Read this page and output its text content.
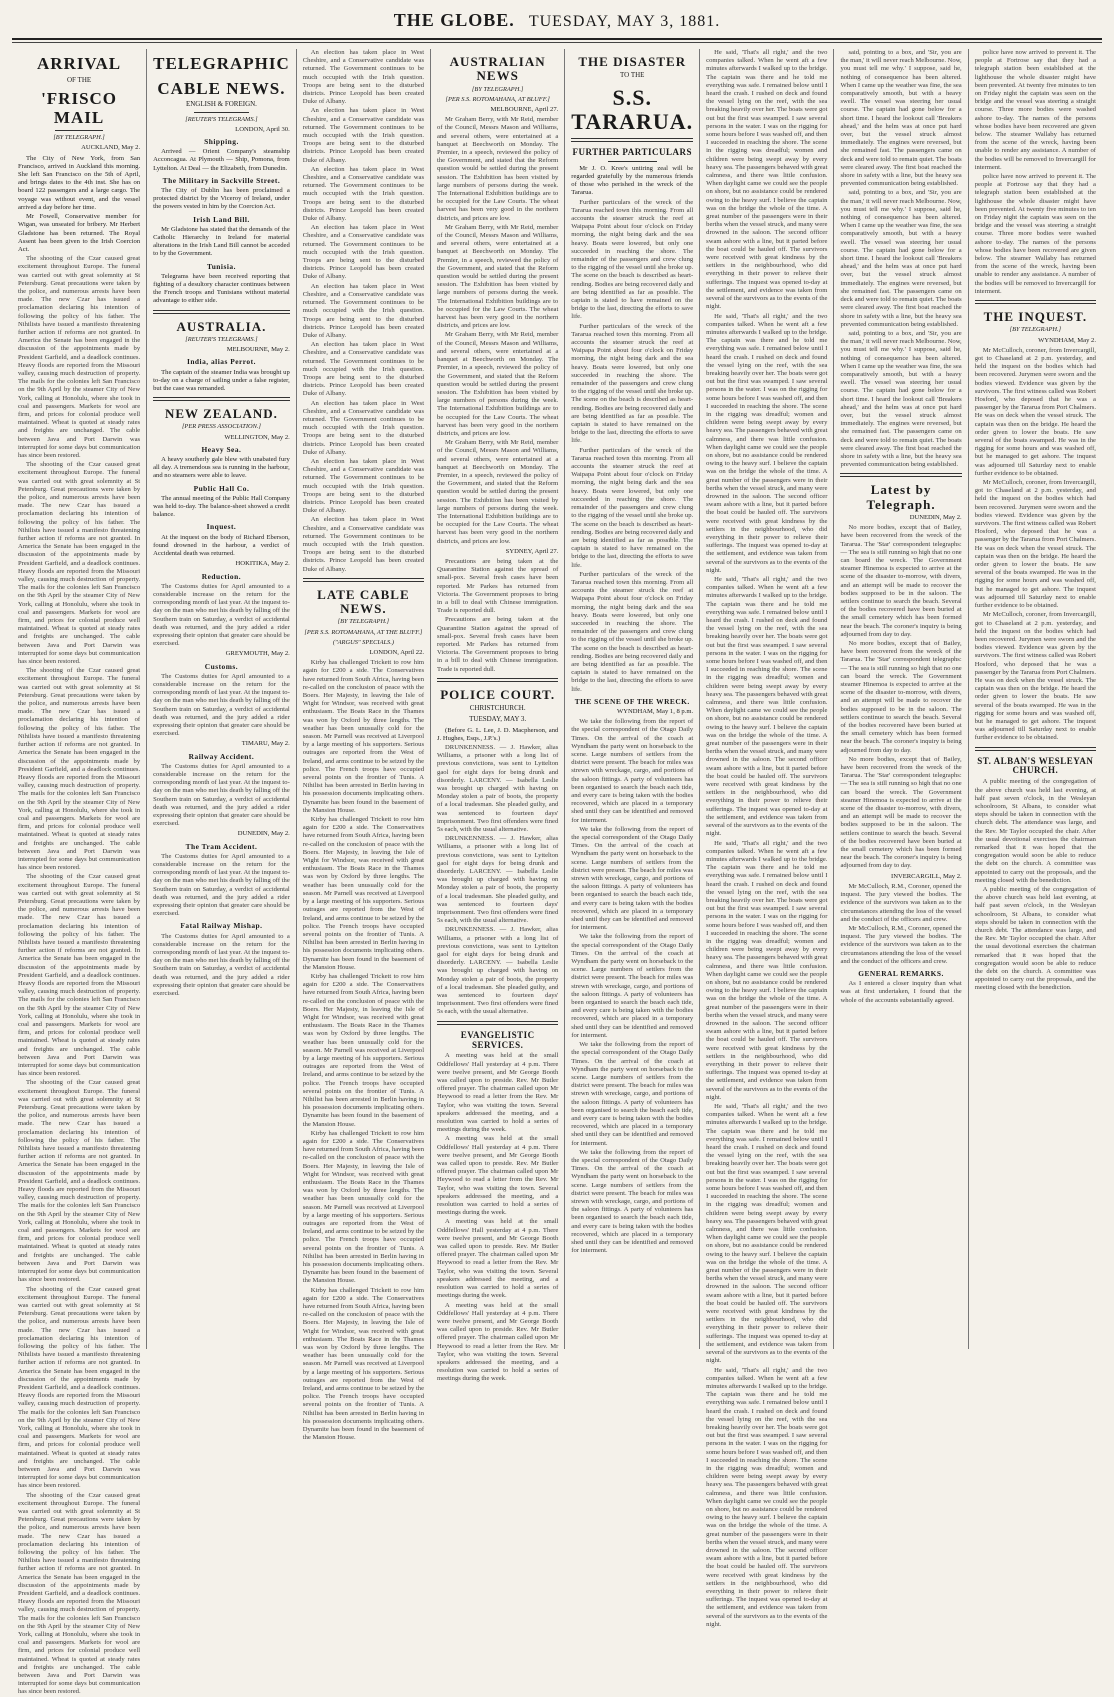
THE GLOBE. TUESDAY, MAY 3, 1881.
ARRIVAL
OF THE
'FRISCO MAIL
[BY TELEGRAPH.]
AUCKLAND, May 2.

The City of New York, from San Francisco, arrived in Auckland this morning. She left San Francisco on the 5th of April, and brings dates to the 4th inst. She has on board 122 passengers and a large cargo. The voyage was without event, and the vessel arrived a day before her time.

Mr Fowell, Conservative member for Wigan, was unseated for bribery. Mr Herbert Gladstone has been returned. The Royal Assent has been given to the Irish Coercion Act.

The shooting of the Czar caused great excitement throughout Europe. The funeral was carried out with great solemnity at St Petersburg. Great precautions were taken by the police, and numerous arrests have been made. The new Czar has issued a proclamation declaring his intention of following the policy of his father. The Nihilists have issued a manifesto threatening further action if reforms are not granted. In America the Senate has been engaged in the discussion of the appointments made by President Garfield, and a deadlock continues. Heavy floods are reported from the Missouri valley, causing much destruction of property. The mails for the colonies left San Francisco on the 9th April by the steamer City of New York, calling at Honolulu, where she took in coal and passengers. Markets for wool are firm, and prices for colonial produce well maintained. Wheat is quoted at steady rates and freights are unchanged. The cable between Java and Port Darwin was interrupted for some days but communication has since been restored.

The shooting of the Czar caused great excitement throughout Europe. The funeral was carried out with great solemnity at St Petersburg. Great precautions were taken by the police, and numerous arrests have been made. The new Czar has issued a proclamation declaring his intention of following the policy of his father. The Nihilists have issued a manifesto threatening further action if reforms are not granted. In America the Senate has been engaged in the discussion of the appointments made by President Garfield, and a deadlock continues. Heavy floods are reported from the Missouri valley, causing much destruction of property. The mails for the colonies left San Francisco on the 9th April by the steamer City of New York, calling at Honolulu, where she took in coal and passengers. Markets for wool are firm, and prices for colonial produce well maintained. Wheat is quoted at steady rates and freights are unchanged. The cable between Java and Port Darwin was interrupted for some days but communication has since been restored.

The shooting of the Czar caused great excitement throughout Europe. The funeral was carried out with great solemnity at St Petersburg. Great precautions were taken by the police, and numerous arrests have been made. The new Czar has issued a proclamation declaring his intention of following the policy of his father. The Nihilists have issued a manifesto threatening further action if reforms are not granted. In America the Senate has been engaged in the discussion of the appointments made by President Garfield, and a deadlock continues. Heavy floods are reported from the Missouri valley, causing much destruction of property. The mails for the colonies left San Francisco on the 9th April by the steamer City of New York, calling at Honolulu, where she took in coal and passengers. Markets for wool are firm, and prices for colonial produce well maintained. Wheat is quoted at steady rates and freights are unchanged. The cable between Java and Port Darwin was interrupted for some days but communication has since been restored.

The shooting of the Czar caused great excitement throughout Europe. The funeral was carried out with great solemnity at St Petersburg. Great precautions were taken by the police, and numerous arrests have been made. The new Czar has issued a proclamation declaring his intention of following the policy of his father. The Nihilists have issued a manifesto threatening further action if reforms are not granted. In America the Senate has been engaged in the discussion of the appointments made by President Garfield, and a deadlock continues. Heavy floods are reported from the Missouri valley, causing much destruction of property. The mails for the colonies left San Francisco on the 9th April by the steamer City of New York, calling at Honolulu, where she took in coal and passengers. Markets for wool are firm, and prices for colonial produce well maintained. Wheat is quoted at steady rates and freights are unchanged. The cable between Java and Port Darwin was interrupted for some days but communication has since been restored.

The shooting of the Czar caused great excitement throughout Europe. The funeral was carried out with great solemnity at St Petersburg. Great precautions were taken by the police, and numerous arrests have been made. The new Czar has issued a proclamation declaring his intention of following the policy of his father. The Nihilists have issued a manifesto threatening further action if reforms are not granted. In America the Senate has been engaged in the discussion of the appointments made by President Garfield, and a deadlock continues. Heavy floods are reported from the Missouri valley, causing much destruction of property. The mails for the colonies left San Francisco on the 9th April by the steamer City of New York, calling at Honolulu, where she took in coal and passengers. Markets for wool are firm, and prices for colonial produce well maintained. Wheat is quoted at steady rates and freights are unchanged. The cable between Java and Port Darwin was interrupted for some days but communication has since been restored.

The shooting of the Czar caused great excitement throughout Europe. The funeral was carried out with great solemnity at St Petersburg. Great precautions were taken by the police, and numerous arrests have been made. The new Czar has issued a proclamation declaring his intention of following the policy of his father. The Nihilists have issued a manifesto threatening further action if reforms are not granted. In America the Senate has been engaged in the discussion of the appointments made by President Garfield, and a deadlock continues. Heavy floods are reported from the Missouri valley, causing much destruction of property. The mails for the colonies left San Francisco on the 9th April by the steamer City of New York, calling at Honolulu, where she took in coal and passengers. Markets for wool are firm, and prices for colonial produce well maintained. Wheat is quoted at steady rates and freights are unchanged. The cable between Java and Port Darwin was interrupted for some days but communication has since been restored.

The shooting of the Czar caused great excitement throughout Europe. The funeral was carried out with great solemnity at St Petersburg. Great precautions were taken by the police, and numerous arrests have been made. The new Czar has issued a proclamation declaring his intention of following the policy of his father. The Nihilists have issued a manifesto threatening further action if reforms are not granted. In America the Senate has been engaged in the discussion of the appointments made by President Garfield, and a deadlock continues. Heavy floods are reported from the Missouri valley, causing much destruction of property. The mails for the colonies left San Francisco on the 9th April by the steamer City of New York, calling at Honolulu, where she took in coal and passengers. Markets for wool are firm, and prices for colonial produce well maintained. Wheat is quoted at steady rates and freights are unchanged. The cable between Java and Port Darwin was interrupted for some days but communication has since been restored.

TELEGRAPHIC
CABLE NEWS.
ENGLISH & FOREIGN.
[REUTER'S TELEGRAMS.]
LONDON, April 30.
Shipping.

Arrived — Orient Company's steamship Acconcagua. At Plymouth — Ship, Pomona, from Lyttelton. At Deal — the Elizabeth, from Dunedin.

The Military in Sackville Street.

The City of Dublin has been proclaimed a protected district by the Viceroy of Ireland, under the powers vested in him by the Coercion Act.

Irish Land Bill.

Mr Gladstone has stated that the demands of the Catholic Hierarchy in Ireland for material alterations in the Irish Land Bill cannot be acceded to by the Government.

Tunisia.

Telegrams have been received reporting that fighting of a desultory character continues between the French troops and Tunisians without material advantage to either side.

AUSTRALIA.
[REUTER'S TELEGRAMS.]
MELBOURNE, May 2.
India, alias Perrot.

The captain of the steamer India was brought up to-day on a charge of sailing under a false register, but the case was remanded.

NEW ZEALAND.
[PER PRESS ASSOCIATION.]
WELLINGTON, May 2.
Heavy Sea.

A heavy southerly gale blew with unabated fury all day. A tremendous sea is running in the harbour, and no steamers were able to leave.

Public Hall Co.

The annual meeting of the Public Hall Company was held to-day. The balance-sheet showed a credit balance.

Inquest.

At the inquest on the body of Richard Eberson, found drowned in the harbour, a verdict of Accidental death was returned.

HOKITIKA, May 2.
Reduction.

The Customs duties for April amounted to a considerable increase on the return for the corresponding month of last year. At the inquest to-day on the man who met his death by falling off the Southern train on Saturday, a verdict of accidental death was returned, and the jury added a rider expressing their opinion that greater care should be exercised.

GREYMOUTH, May 2.
Customs.

The Customs duties for April amounted to a considerable increase on the return for the corresponding month of last year. At the inquest to-day on the man who met his death by falling off the Southern train on Saturday, a verdict of accidental death was returned, and the jury added a rider expressing their opinion that greater care should be exercised.

TIMARU, May 2.
Railway Accident.

The Customs duties for April amounted to a considerable increase on the return for the corresponding month of last year. At the inquest to-day on the man who met his death by falling off the Southern train on Saturday, a verdict of accidental death was returned, and the jury added a rider expressing their opinion that greater care should be exercised.

DUNEDIN, May 2.
The Tram Accident.

The Customs duties for April amounted to a considerable increase on the return for the corresponding month of last year. At the inquest to-day on the man who met his death by falling off the Southern train on Saturday, a verdict of accidental death was returned, and the jury added a rider expressing their opinion that greater care should be exercised.

Fatal Railway Mishap.

The Customs duties for April amounted to a considerable increase on the return for the corresponding month of last year. At the inquest to-day on the man who met his death by falling off the Southern train on Saturday, a verdict of accidental death was returned, and the jury added a rider expressing their opinion that greater care should be exercised.

An election has taken place in West Cheshire, and a Conservative candidate was returned. The Government continues to be much occupied with the Irish question. Troops are being sent to the disturbed districts. Prince Leopold has been created Duke of Albany.

An election has taken place in West Cheshire, and a Conservative candidate was returned. The Government continues to be much occupied with the Irish question. Troops are being sent to the disturbed districts. Prince Leopold has been created Duke of Albany.

An election has taken place in West Cheshire, and a Conservative candidate was returned. The Government continues to be much occupied with the Irish question. Troops are being sent to the disturbed districts. Prince Leopold has been created Duke of Albany.

An election has taken place in West Cheshire, and a Conservative candidate was returned. The Government continues to be much occupied with the Irish question. Troops are being sent to the disturbed districts. Prince Leopold has been created Duke of Albany.

An election has taken place in West Cheshire, and a Conservative candidate was returned. The Government continues to be much occupied with the Irish question. Troops are being sent to the disturbed districts. Prince Leopold has been created Duke of Albany.

An election has taken place in West Cheshire, and a Conservative candidate was returned. The Government continues to be much occupied with the Irish question. Troops are being sent to the disturbed districts. Prince Leopold has been created Duke of Albany.

An election has taken place in West Cheshire, and a Conservative candidate was returned. The Government continues to be much occupied with the Irish question. Troops are being sent to the disturbed districts. Prince Leopold has been created Duke of Albany.

An election has taken place in West Cheshire, and a Conservative candidate was returned. The Government continues to be much occupied with the Irish question. Troops are being sent to the disturbed districts. Prince Leopold has been created Duke of Albany.

An election has taken place in West Cheshire, and a Conservative candidate was returned. The Government continues to be much occupied with the Irish question. Troops are being sent to the disturbed districts. Prince Leopold has been created Duke of Albany.

LATE CABLE NEWS.
[BY TELEGRAPH.]
[PER S.S. ROTOMAHANA, AT THE BLUFF.]
("ARGUS" SPECIALS.)
LONDON, April 22.

Kirby has challenged Trickett to row him again for £200 a side. The Conservatives have returned from South Africa, having been re-called on the conclusion of peace with the Boers. Her Majesty, in leaving the Isle of Wight for Windsor, was received with great enthusiasm. The Boats Race in the Thames was won by Oxford by three lengths. The weather has been unusually cold for the season. Mr Parnell was received at Liverpool by a large meeting of his supporters. Serious outrages are reported from the West of Ireland, and arms continue to be seized by the police. The French troops have occupied several points on the frontier of Tunis. A Nihilist has been arrested in Berlin having in his possession documents implicating others. Dynamite has been found in the basement of the Mansion House.

Kirby has challenged Trickett to row him again for £200 a side. The Conservatives have returned from South Africa, having been re-called on the conclusion of peace with the Boers. Her Majesty, in leaving the Isle of Wight for Windsor, was received with great enthusiasm. The Boats Race in the Thames was won by Oxford by three lengths. The weather has been unusually cold for the season. Mr Parnell was received at Liverpool by a large meeting of his supporters. Serious outrages are reported from the West of Ireland, and arms continue to be seized by the police. The French troops have occupied several points on the frontier of Tunis. A Nihilist has been arrested in Berlin having in his possession documents implicating others. Dynamite has been found in the basement of the Mansion House.

Kirby has challenged Trickett to row him again for £200 a side. The Conservatives have returned from South Africa, having been re-called on the conclusion of peace with the Boers. Her Majesty, in leaving the Isle of Wight for Windsor, was received with great enthusiasm. The Boats Race in the Thames was won by Oxford by three lengths. The weather has been unusually cold for the season. Mr Parnell was received at Liverpool by a large meeting of his supporters. Serious outrages are reported from the West of Ireland, and arms continue to be seized by the police. The French troops have occupied several points on the frontier of Tunis. A Nihilist has been arrested in Berlin having in his possession documents implicating others. Dynamite has been found in the basement of the Mansion House.

Kirby has challenged Trickett to row him again for £200 a side. The Conservatives have returned from South Africa, having been re-called on the conclusion of peace with the Boers. Her Majesty, in leaving the Isle of Wight for Windsor, was received with great enthusiasm. The Boats Race in the Thames was won by Oxford by three lengths. The weather has been unusually cold for the season. Mr Parnell was received at Liverpool by a large meeting of his supporters. Serious outrages are reported from the West of Ireland, and arms continue to be seized by the police. The French troops have occupied several points on the frontier of Tunis. A Nihilist has been arrested in Berlin having in his possession documents implicating others. Dynamite has been found in the basement of the Mansion House.

Kirby has challenged Trickett to row him again for £200 a side. The Conservatives have returned from South Africa, having been re-called on the conclusion of peace with the Boers. Her Majesty, in leaving the Isle of Wight for Windsor, was received with great enthusiasm. The Boats Race in the Thames was won by Oxford by three lengths. The weather has been unusually cold for the season. Mr Parnell was received at Liverpool by a large meeting of his supporters. Serious outrages are reported from the West of Ireland, and arms continue to be seized by the police. The French troops have occupied several points on the frontier of Tunis. A Nihilist has been arrested in Berlin having in his possession documents implicating others. Dynamite has been found in the basement of the Mansion House.

AUSTRALIAN NEWS
[BY TELEGRAPH.]
[PER S.S. ROTOMAHANA, AT BLUFF.]
MELBOURNE, April 27.

Mr Graham Berry, with Mr Reid, member of the Council, Messrs Mason and Williams, and several others, were entertained at a banquet at Beechworth on Monday. The Premier, in a speech, reviewed the policy of the Government, and stated that the Reform question would be settled during the present session. The Exhibition has been visited by large numbers of persons during the week. The International Exhibition buildings are to be occupied for the Law Courts. The wheat harvest has been very good in the northern districts, and prices are low.

Mr Graham Berry, with Mr Reid, member of the Council, Messrs Mason and Williams, and several others, were entertained at a banquet at Beechworth on Monday. The Premier, in a speech, reviewed the policy of the Government, and stated that the Reform question would be settled during the present session. The Exhibition has been visited by large numbers of persons during the week. The International Exhibition buildings are to be occupied for the Law Courts. The wheat harvest has been very good in the northern districts, and prices are low.

Mr Graham Berry, with Mr Reid, member of the Council, Messrs Mason and Williams, and several others, were entertained at a banquet at Beechworth on Monday. The Premier, in a speech, reviewed the policy of the Government, and stated that the Reform question would be settled during the present session. The Exhibition has been visited by large numbers of persons during the week. The International Exhibition buildings are to be occupied for the Law Courts. The wheat harvest has been very good in the northern districts, and prices are low.

Mr Graham Berry, with Mr Reid, member of the Council, Messrs Mason and Williams, and several others, were entertained at a banquet at Beechworth on Monday. The Premier, in a speech, reviewed the policy of the Government, and stated that the Reform question would be settled during the present session. The Exhibition has been visited by large numbers of persons during the week. The International Exhibition buildings are to be occupied for the Law Courts. The wheat harvest has been very good in the northern districts, and prices are low.

SYDNEY, April 27.

Precautions are being taken at the Quarantine Station against the spread of small-pox. Several fresh cases have been reported. Mr Parkes has returned from Victoria. The Government proposes to bring in a bill to deal with Chinese immigration. Trade is reported dull.

Precautions are being taken at the Quarantine Station against the spread of small-pox. Several fresh cases have been reported. Mr Parkes has returned from Victoria. The Government proposes to bring in a bill to deal with Chinese immigration. Trade is reported dull.

POLICE COURT.
CHRISTCHURCH.
TUESDAY, MAY 3.

(Before G. L. Lee, J. D. Macpherson, and J. Hughes, Esqs., J.P.'s.)

DRUNKENNESS. — J. Hawker, alias Williams, a prisoner with a long list of previous convictions, was sent to Lyttelton gaol for eight days for being drunk and disorderly. LARCENY. — Isabella Leslie was brought up charged with having on Monday stolen a pair of boots, the property of a local tradesman. She pleaded guilty, and was sentenced to fourteen days' imprisonment. Two first offenders were fined 5s each, with the usual alternative.

DRUNKENNESS. — J. Hawker, alias Williams, a prisoner with a long list of previous convictions, was sent to Lyttelton gaol for eight days for being drunk and disorderly. LARCENY. — Isabella Leslie was brought up charged with having on Monday stolen a pair of boots, the property of a local tradesman. She pleaded guilty, and was sentenced to fourteen days' imprisonment. Two first offenders were fined 5s each, with the usual alternative.

DRUNKENNESS. — J. Hawker, alias Williams, a prisoner with a long list of previous convictions, was sent to Lyttelton gaol for eight days for being drunk and disorderly. LARCENY. — Isabella Leslie was brought up charged with having on Monday stolen a pair of boots, the property of a local tradesman. She pleaded guilty, and was sentenced to fourteen days' imprisonment. Two first offenders were fined 5s each, with the usual alternative.

EVANGELISTIC SERVICES.

A meeting was held at the small Oddfellows' Hall yesterday at 4 p.m. There were twelve present, and Mr George Booth was called upon to preside. Rev. Mr Butler offered prayer. The chairman called upon Mr Heywood to read a letter from the Rev. Mr Taylor, who was visiting the town. Several speakers addressed the meeting, and a resolution was carried to hold a series of meetings during the week.

A meeting was held at the small Oddfellows' Hall yesterday at 4 p.m. There were twelve present, and Mr George Booth was called upon to preside. Rev. Mr Butler offered prayer. The chairman called upon Mr Heywood to read a letter from the Rev. Mr Taylor, who was visiting the town. Several speakers addressed the meeting, and a resolution was carried to hold a series of meetings during the week.

A meeting was held at the small Oddfellows' Hall yesterday at 4 p.m. There were twelve present, and Mr George Booth was called upon to preside. Rev. Mr Butler offered prayer. The chairman called upon Mr Heywood to read a letter from the Rev. Mr Taylor, who was visiting the town. Several speakers addressed the meeting, and a resolution was carried to hold a series of meetings during the week.

A meeting was held at the small Oddfellows' Hall yesterday at 4 p.m. There were twelve present, and Mr George Booth was called upon to preside. Rev. Mr Butler offered prayer. The chairman called upon Mr Heywood to read a letter from the Rev. Mr Taylor, who was visiting the town. Several speakers addressed the meeting, and a resolution was carried to hold a series of meetings during the week.

THE DISASTER
TO THE
S.S. TARARUA.
FURTHER PARTICULARS

Mr J. O. Kree's untiring zeal will be regarded gratefully by the numerous friends of those who perished in the wreck of the Tararua.

Further particulars of the wreck of the Tararua reached town this morning. From all accounts the steamer struck the reef at Waipapa Point about four o'clock on Friday morning, the night being dark and the sea heavy. Boats were lowered, but only one succeeded in reaching the shore. The remainder of the passengers and crew clung to the rigging of the vessel until she broke up. The scene on the beach is described as heart-rending. Bodies are being recovered daily and are being identified as far as possible. The captain is stated to have remained on the bridge to the last, directing the efforts to save life.

Further particulars of the wreck of the Tararua reached town this morning. From all accounts the steamer struck the reef at Waipapa Point about four o'clock on Friday morning, the night being dark and the sea heavy. Boats were lowered, but only one succeeded in reaching the shore. The remainder of the passengers and crew clung to the rigging of the vessel until she broke up. The scene on the beach is described as heart-rending. Bodies are being recovered daily and are being identified as far as possible. The captain is stated to have remained on the bridge to the last, directing the efforts to save life.

Further particulars of the wreck of the Tararua reached town this morning. From all accounts the steamer struck the reef at Waipapa Point about four o'clock on Friday morning, the night being dark and the sea heavy. Boats were lowered, but only one succeeded in reaching the shore. The remainder of the passengers and crew clung to the rigging of the vessel until she broke up. The scene on the beach is described as heart-rending. Bodies are being recovered daily and are being identified as far as possible. The captain is stated to have remained on the bridge to the last, directing the efforts to save life.

Further particulars of the wreck of the Tararua reached town this morning. From all accounts the steamer struck the reef at Waipapa Point about four o'clock on Friday morning, the night being dark and the sea heavy. Boats were lowered, but only one succeeded in reaching the shore. The remainder of the passengers and crew clung to the rigging of the vessel until she broke up. The scene on the beach is described as heart-rending. Bodies are being recovered daily and are being identified as far as possible. The captain is stated to have remained on the bridge to the last, directing the efforts to save life.

THE SCENE OF THE WRECK.
WYNDHAM, May 1, 8 p.m.

We take the following from the report of the special correspondent of the Otago Daily Times. On the arrival of the coach at Wyndham the party went on horseback to the scene. Large numbers of settlers from the district were present. The beach for miles was strewn with wreckage, cargo, and portions of the saloon fittings. A party of volunteers has been organised to search the beach each tide, and every care is being taken with the bodies recovered, which are placed in a temporary shed until they can be identified and removed for interment.

We take the following from the report of the special correspondent of the Otago Daily Times. On the arrival of the coach at Wyndham the party went on horseback to the scene. Large numbers of settlers from the district were present. The beach for miles was strewn with wreckage, cargo, and portions of the saloon fittings. A party of volunteers has been organised to search the beach each tide, and every care is being taken with the bodies recovered, which are placed in a temporary shed until they can be identified and removed for interment.

We take the following from the report of the special correspondent of the Otago Daily Times. On the arrival of the coach at Wyndham the party went on horseback to the scene. Large numbers of settlers from the district were present. The beach for miles was strewn with wreckage, cargo, and portions of the saloon fittings. A party of volunteers has been organised to search the beach each tide, and every care is being taken with the bodies recovered, which are placed in a temporary shed until they can be identified and removed for interment.

We take the following from the report of the special correspondent of the Otago Daily Times. On the arrival of the coach at Wyndham the party went on horseback to the scene. Large numbers of settlers from the district were present. The beach for miles was strewn with wreckage, cargo, and portions of the saloon fittings. A party of volunteers has been organised to search the beach each tide, and every care is being taken with the bodies recovered, which are placed in a temporary shed until they can be identified and removed for interment.

We take the following from the report of the special correspondent of the Otago Daily Times. On the arrival of the coach at Wyndham the party went on horseback to the scene. Large numbers of settlers from the district were present. The beach for miles was strewn with wreckage, cargo, and portions of the saloon fittings. A party of volunteers has been organised to search the beach each tide, and every care is being taken with the bodies recovered, which are placed in a temporary shed until they can be identified and removed for interment.

He said, 'That's all right,' and the two companies talked. When he went aft a few minutes afterwards I walked up to the bridge. The captain was there and he told me everything was safe. I remained below until I heard the crash. I rushed on deck and found the vessel lying on the reef, with the sea breaking heavily over her. The boats were got out but the first was swamped. I saw several persons in the water. I was on the rigging for some hours before I was washed off, and then I succeeded in reaching the shore. The scene in the rigging was dreadful; women and children were being swept away by every heavy sea. The passengers behaved with great calmness, and there was little confusion. When daylight came we could see the people on shore, but no assistance could be rendered owing to the heavy surf. I believe the captain was on the bridge the whole of the time. A great number of the passengers were in their berths when the vessel struck, and many were drowned in the saloon. The second officer swam ashore with a line, but it parted before the boat could be hauled off. The survivors were received with great kindness by the settlers in the neighbourhood, who did everything in their power to relieve their sufferings. The inquest was opened to-day at the settlement, and evidence was taken from several of the survivors as to the events of the night.

He said, 'That's all right,' and the two companies talked. When he went aft a few minutes afterwards I walked up to the bridge. The captain was there and he told me everything was safe. I remained below until I heard the crash. I rushed on deck and found the vessel lying on the reef, with the sea breaking heavily over her. The boats were got out but the first was swamped. I saw several persons in the water. I was on the rigging for some hours before I was washed off, and then I succeeded in reaching the shore. The scene in the rigging was dreadful; women and children were being swept away by every heavy sea. The passengers behaved with great calmness, and there was little confusion. When daylight came we could see the people on shore, but no assistance could be rendered owing to the heavy surf. I believe the captain was on the bridge the whole of the time. A great number of the passengers were in their berths when the vessel struck, and many were drowned in the saloon. The second officer swam ashore with a line, but it parted before the boat could be hauled off. The survivors were received with great kindness by the settlers in the neighbourhood, who did everything in their power to relieve their sufferings. The inquest was opened to-day at the settlement, and evidence was taken from several of the survivors as to the events of the night.

He said, 'That's all right,' and the two companies talked. When he went aft a few minutes afterwards I walked up to the bridge. The captain was there and he told me everything was safe. I remained below until I heard the crash. I rushed on deck and found the vessel lying on the reef, with the sea breaking heavily over her. The boats were got out but the first was swamped. I saw several persons in the water. I was on the rigging for some hours before I was washed off, and then I succeeded in reaching the shore. The scene in the rigging was dreadful; women and children were being swept away by every heavy sea. The passengers behaved with great calmness, and there was little confusion. When daylight came we could see the people on shore, but no assistance could be rendered owing to the heavy surf. I believe the captain was on the bridge the whole of the time. A great number of the passengers were in their berths when the vessel struck, and many were drowned in the saloon. The second officer swam ashore with a line, but it parted before the boat could be hauled off. The survivors were received with great kindness by the settlers in the neighbourhood, who did everything in their power to relieve their sufferings. The inquest was opened to-day at the settlement, and evidence was taken from several of the survivors as to the events of the night.

He said, 'That's all right,' and the two companies talked. When he went aft a few minutes afterwards I walked up to the bridge. The captain was there and he told me everything was safe. I remained below until I heard the crash. I rushed on deck and found the vessel lying on the reef, with the sea breaking heavily over her. The boats were got out but the first was swamped. I saw several persons in the water. I was on the rigging for some hours before I was washed off, and then I succeeded in reaching the shore. The scene in the rigging was dreadful; women and children were being swept away by every heavy sea. The passengers behaved with great calmness, and there was little confusion. When daylight came we could see the people on shore, but no assistance could be rendered owing to the heavy surf. I believe the captain was on the bridge the whole of the time. A great number of the passengers were in their berths when the vessel struck, and many were drowned in the saloon. The second officer swam ashore with a line, but it parted before the boat could be hauled off. The survivors were received with great kindness by the settlers in the neighbourhood, who did everything in their power to relieve their sufferings. The inquest was opened to-day at the settlement, and evidence was taken from several of the survivors as to the events of the night.

He said, 'That's all right,' and the two companies talked. When he went aft a few minutes afterwards I walked up to the bridge. The captain was there and he told me everything was safe. I remained below until I heard the crash. I rushed on deck and found the vessel lying on the reef, with the sea breaking heavily over her. The boats were got out but the first was swamped. I saw several persons in the water. I was on the rigging for some hours before I was washed off, and then I succeeded in reaching the shore. The scene in the rigging was dreadful; women and children were being swept away by every heavy sea. The passengers behaved with great calmness, and there was little confusion. When daylight came we could see the people on shore, but no assistance could be rendered owing to the heavy surf. I believe the captain was on the bridge the whole of the time. A great number of the passengers were in their berths when the vessel struck, and many were drowned in the saloon. The second officer swam ashore with a line, but it parted before the boat could be hauled off. The survivors were received with great kindness by the settlers in the neighbourhood, who did everything in their power to relieve their sufferings. The inquest was opened to-day at the settlement, and evidence was taken from several of the survivors as to the events of the night.

He said, 'That's all right,' and the two companies talked. When he went aft a few minutes afterwards I walked up to the bridge. The captain was there and he told me everything was safe. I remained below until I heard the crash. I rushed on deck and found the vessel lying on the reef, with the sea breaking heavily over her. The boats were got out but the first was swamped. I saw several persons in the water. I was on the rigging for some hours before I was washed off, and then I succeeded in reaching the shore. The scene in the rigging was dreadful; women and children were being swept away by every heavy sea. The passengers behaved with great calmness, and there was little confusion. When daylight came we could see the people on shore, but no assistance could be rendered owing to the heavy surf. I believe the captain was on the bridge the whole of the time. A great number of the passengers were in their berths when the vessel struck, and many were drowned in the saloon. The second officer swam ashore with a line, but it parted before the boat could be hauled off. The survivors were received with great kindness by the settlers in the neighbourhood, who did everything in their power to relieve their sufferings. The inquest was opened to-day at the settlement, and evidence was taken from several of the survivors as to the events of the night.

said, pointing to a box, and 'Sir, you are the man,' it will never reach Melbourne. Now, you must tell me why.' I suppose, said he, nothing of consequence has been altered. When I came up the weather was fine, the sea comparatively smooth, but with a heavy swell. The vessel was steering her usual course. The captain had gone below for a short time. I heard the lookout call 'Breakers ahead,' and the helm was at once put hard over, but the vessel struck almost immediately. The engines were reversed, but she remained fast. The passengers came on deck and were told to remain quiet. The boats were cleared away. The first boat reached the shore in safety with a line, but the heavy sea prevented communication being established.

said, pointing to a box, and 'Sir, you are the man,' it will never reach Melbourne. Now, you must tell me why.' I suppose, said he, nothing of consequence has been altered. When I came up the weather was fine, the sea comparatively smooth, but with a heavy swell. The vessel was steering her usual course. The captain had gone below for a short time. I heard the lookout call 'Breakers ahead,' and the helm was at once put hard over, but the vessel struck almost immediately. The engines were reversed, but she remained fast. The passengers came on deck and were told to remain quiet. The boats were cleared away. The first boat reached the shore in safety with a line, but the heavy sea prevented communication being established.

said, pointing to a box, and 'Sir, you are the man,' it will never reach Melbourne. Now, you must tell me why.' I suppose, said he, nothing of consequence has been altered. When I came up the weather was fine, the sea comparatively smooth, but with a heavy swell. The vessel was steering her usual course. The captain had gone below for a short time. I heard the lookout call 'Breakers ahead,' and the helm was at once put hard over, but the vessel struck almost immediately. The engines were reversed, but she remained fast. The passengers came on deck and were told to remain quiet. The boats were cleared away. The first boat reached the shore in safety with a line, but the heavy sea prevented communication being established.

Latest by Telegraph.
DUNEDIN, May 2.

No more bodies, except that of Bailey, have been recovered from the wreck of the Tararua. The 'Star' correspondent telegraphs: — The sea is still running so high that no one can board the wreck. The Government steamer Hinemoa is expected to arrive at the scene of the disaster to-morrow, with divers, and an attempt will be made to recover the bodies supposed to be in the saloon. The settlers continue to search the beach. Several of the bodies recovered have been buried at the small cemetery which has been formed near the beach. The coroner's inquiry is being adjourned from day to day.

No more bodies, except that of Bailey, have been recovered from the wreck of the Tararua. The 'Star' correspondent telegraphs: — The sea is still running so high that no one can board the wreck. The Government steamer Hinemoa is expected to arrive at the scene of the disaster to-morrow, with divers, and an attempt will be made to recover the bodies supposed to be in the saloon. The settlers continue to search the beach. Several of the bodies recovered have been buried at the small cemetery which has been formed near the beach. The coroner's inquiry is being adjourned from day to day.

No more bodies, except that of Bailey, have been recovered from the wreck of the Tararua. The 'Star' correspondent telegraphs: — The sea is still running so high that no one can board the wreck. The Government steamer Hinemoa is expected to arrive at the scene of the disaster to-morrow, with divers, and an attempt will be made to recover the bodies supposed to be in the saloon. The settlers continue to search the beach. Several of the bodies recovered have been buried at the small cemetery which has been formed near the beach. The coroner's inquiry is being adjourned from day to day.

INVERCARGILL, May 2.

Mr McCulloch, R.M., Coroner, opened the inquest. The jury viewed the bodies. The evidence of the survivors was taken as to the circumstances attending the loss of the vessel and the conduct of the officers and crew.

Mr McCulloch, R.M., Coroner, opened the inquest. The jury viewed the bodies. The evidence of the survivors was taken as to the circumstances attending the loss of the vessel and the conduct of the officers and crew.

GENERAL REMARKS.

As I entered a closer inquiry than what was at first undertaken, I found that the whole of the accounts substantially agreed.

police have now arrived to prevent it. The people at Fortrose say that they had a telegraph station been established at the lighthouse the whole disaster might have been prevented. At twenty five minutes to ten on Friday night the captain was seen on the bridge and the vessel was steering a straight course. Three more bodies were washed ashore to-day. The names of the persons whose bodies have been recovered are given below. The steamer Wallaby has returned from the scene of the wreck, having been unable to render any assistance. A number of the bodies will be removed to Invercargill for interment.

police have now arrived to prevent it. The people at Fortrose say that they had a telegraph station been established at the lighthouse the whole disaster might have been prevented. At twenty five minutes to ten on Friday night the captain was seen on the bridge and the vessel was steering a straight course. Three more bodies were washed ashore to-day. The names of the persons whose bodies have been recovered are given below. The steamer Wallaby has returned from the scene of the wreck, having been unable to render any assistance. A number of the bodies will be removed to Invercargill for interment.

THE INQUEST.
[BY TELEGRAPH.]
WYNDHAM, May 2.

Mr McCulloch, coroner, from Invercargill, got to Chaseland at 2 p.m. yesterday, and held the inquest on the bodies which had been recovered. Jurymen were sworn and the bodies viewed. Evidence was given by the survivors. The first witness called was Robert Hosford, who deposed that he was a passenger by the Tararua from Port Chalmers. He was on deck when the vessel struck. The captain was then on the bridge. He heard the order given to lower the boats. He saw several of the boats swamped. He was in the rigging for some hours and was washed off, but he managed to get ashore. The inquest was adjourned till Saturday next to enable further evidence to be obtained.

Mr McCulloch, coroner, from Invercargill, got to Chaseland at 2 p.m. yesterday, and held the inquest on the bodies which had been recovered. Jurymen were sworn and the bodies viewed. Evidence was given by the survivors. The first witness called was Robert Hosford, who deposed that he was a passenger by the Tararua from Port Chalmers. He was on deck when the vessel struck. The captain was then on the bridge. He heard the order given to lower the boats. He saw several of the boats swamped. He was in the rigging for some hours and was washed off, but he managed to get ashore. The inquest was adjourned till Saturday next to enable further evidence to be obtained.

Mr McCulloch, coroner, from Invercargill, got to Chaseland at 2 p.m. yesterday, and held the inquest on the bodies which had been recovered. Jurymen were sworn and the bodies viewed. Evidence was given by the survivors. The first witness called was Robert Hosford, who deposed that he was a passenger by the Tararua from Port Chalmers. He was on deck when the vessel struck. The captain was then on the bridge. He heard the order given to lower the boats. He saw several of the boats swamped. He was in the rigging for some hours and was washed off, but he managed to get ashore. The inquest was adjourned till Saturday next to enable further evidence to be obtained.

ST. ALBAN'S WESLEYAN CHURCH.

A public meeting of the congregation of the above church was held last evening, at half past seven o'clock, in the Wesleyan schoolroom, St Albans, to consider what steps should be taken in connection with the church debt. The attendance was large, and the Rev. Mr Taylor occupied the chair. After the usual devotional exercises the chairman remarked that it was hoped that the congregation would soon be able to reduce the debt on the church. A committee was appointed to carry out the proposals, and the meeting closed with the benediction.

A public meeting of the congregation of the above church was held last evening, at half past seven o'clock, in the Wesleyan schoolroom, St Albans, to consider what steps should be taken in connection with the church debt. The attendance was large, and the Rev. Mr Taylor occupied the chair. After the usual devotional exercises the chairman remarked that it was hoped that the congregation would soon be able to reduce the debt on the church. A committee was appointed to carry out the proposals, and the meeting closed with the benediction.
